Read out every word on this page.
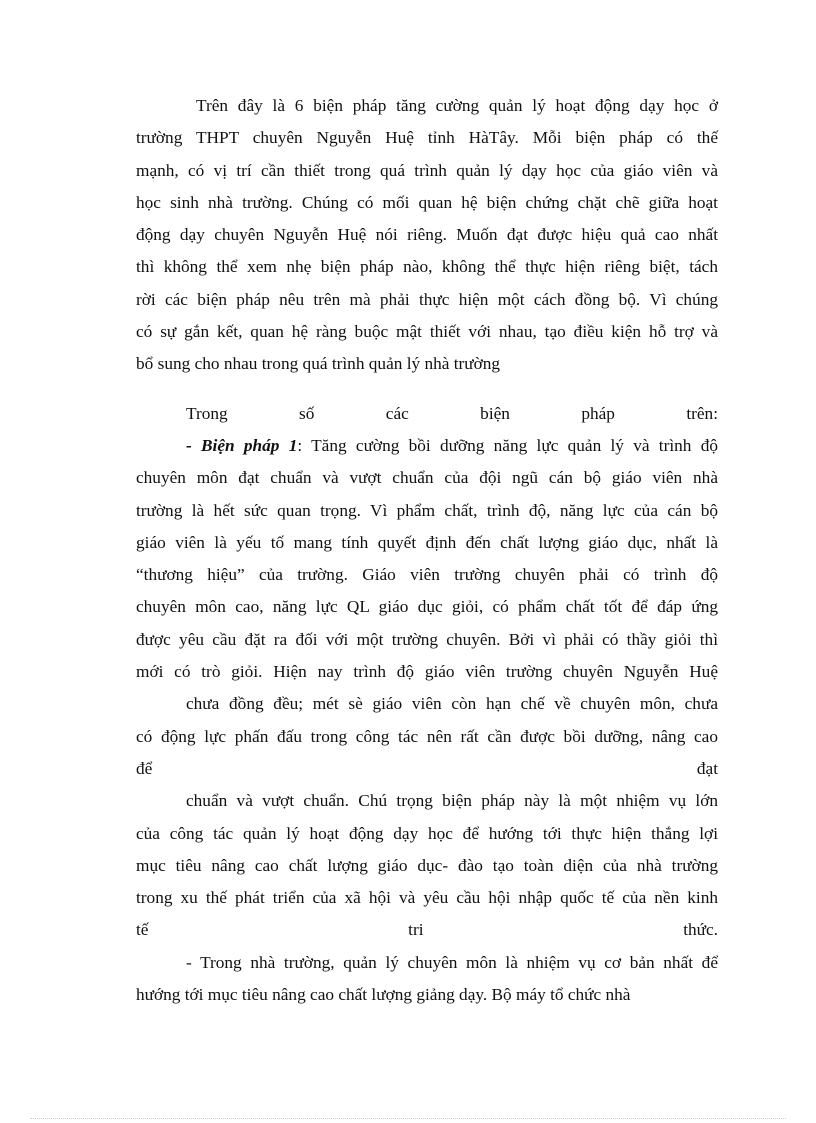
Trên đây là 6 biện pháp tăng cường quản lý hoạt động dạy học ở
trường THPT chuyên Nguyễn Huệ tỉnh HàTây. Mỗi biện pháp có thế
mạnh, có vị trí cần thiết trong quá trình quản lý dạy học của giáo viên và
học sinh nhà trường. Chúng có mối quan hệ biện chứng chặt chẽ giữa hoạt
động dạy chuyên Nguyễn Huệ nói riêng. Muốn đạt được hiệu quả cao nhất
thì không thể xem nhẹ biện pháp nào, không thể thực hiện riêng biệt, tách
rời các biện pháp nêu trên mà phải thực hiện một cách đồng bộ. Vì chúng
có sự gắn kết, quan hệ ràng buộc mật thiết với nhau, tạo điều kiện hỗ trợ và
bổ sung cho nhau trong quá trình quản lý nhà trường
Trong số các biện pháp trên:
- Biện pháp 1: Tăng cường bồi dưỡng năng lực quản lý và trình độ
chuyên môn đạt chuẩn và vượt chuẩn của đội ngũ cán bộ giáo viên nhà
trường là hết sức quan trọng. Vì phẩm chất, trình độ, năng lực của cán bộ
giáo viên là yếu tố mang tính quyết định đến chất lượng giáo dục, nhất là
“thương hiệu” của trường. Giáo viên trường chuyên phải có trình độ
chuyên môn cao, năng lực QL giáo dục giỏi, có phẩm chất tốt để đáp ứng
được yêu cầu đặt ra đối với một trường chuyên. Bởi vì phải có thầy giỏi thì
mới có trò giỏi. Hiện nay trình độ giáo viên trường chuyên Nguyễn Huệ
chưa đồng đều; mét sè giáo viên còn hạn chế về chuyên môn, chưa
có động lực phấn đấu trong công tác nên rất cần được bồi dưỡng, nâng cao
để đạt
chuẩn và vượt chuẩn. Chú trọng biện pháp này là một nhiệm vụ lớn
của công tác quản lý hoạt động dạy học để hướng tới thực hiện thắng lợi
mục tiêu nâng cao chất lượng giáo dục- đào tạo toàn diện của nhà trường
trong xu thế phát triển của xã hội và yêu cầu hội nhập quốc tế của nền kinh
tế tri thức.
- Trong nhà trường, quản lý chuyên môn là nhiệm vụ cơ bản nhất để
hướng tới mục tiêu nâng cao chất lượng giảng dạy. Bộ máy tổ chức nhà
